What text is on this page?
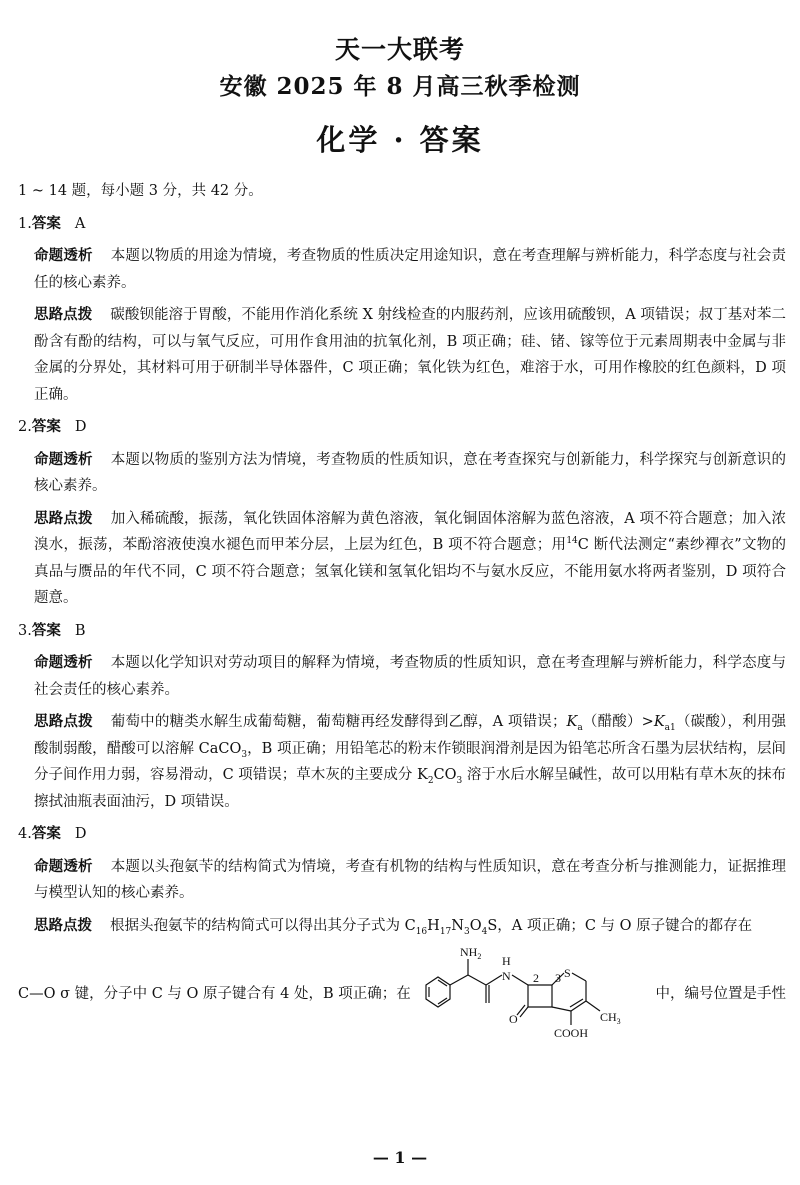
天一大联考
安徽 2025 年 8 月高三秋季检测
化学 · 答案
1 ~ 14 题，每小题 3 分，共 42 分。
1.答案 A
命题透析 本题以物质的用途为情境，考查物质的性质决定用途知识，意在考查理解与辨析能力，科学态度与社会责任的核心素养。
思路点拨 碳酸钡能溶于胃酸，不能用作消化系统 X 射线检查的内服药剂，应该用硫酸钡，A 项错误；叔丁基对苯二酚含有酚的结构，可以与氧气反应，可用作食用油的抗氧化剂，B 项正确；硅、锗、镓等位于元素周期表中金属与非金属的分界处，其材料可用于研制半导体器件，C 项正确；氧化铁为红色，难溶于水，可用作橡胶的红色颜料，D 项正确。
2.答案 D
命题透析 本题以物质的鉴别方法为情境，考查物质的性质知识，意在考查探究与创新能力，科学探究与创新意识的核心素养。
思路点拨 加入稀硫酸，振荡，氧化铁固体溶解为黄色溶液，氧化铜固体溶解为蓝色溶液，A 项不符合题意；加入浓溴水，振荡，苯酚溶液使溴水褪色而甲苯分层，上层为红色，B 项不符合题意；用$^{14}$C 断代法测定“素纱襌衣”文物的真品与赝品的年代不同，C 项不符合题意；氢氧化镁和氢氧化铝均不与氨水反应，不能用氨水将两者鉴别，D 项符合题意。
3.答案 B
命题透析 本题以化学知识对劳动项目的解释为情境，考查物质的性质知识，意在考查理解与辨析能力，科学态度与社会责任的核心素养。
思路点拨 葡萄中的糖类水解生成葡萄糖，葡萄糖再经发酵得到乙醇，A 项错误；$K_a$（醋酸）$>K_{a1}$（碳酸），利用强酸制弱酸，醋酸可以溶解 CaCO$_3$，B 项正确；用铅笔芯的粉末作锁眼润滑剂是因为铅笔芯所含石墨为层状结构，层间分子间作用力弱，容易滑动，C 项错误；草木灰的主要成分 $K_2CO_3$ 溶于水后水解呈碱性，故可以用粘有草木灰的抹布擦拭油瓶表面油污，D 项错误。
4.答案 D
命题透析 本题以头孢氨苄的结构简式为情境，考查有机物的结构与性质知识，意在考查分析与推测能力，证据推理与模型认知的核心素养。
思路点拨 根据头孢氨苄的结构简式可以得出其分子式为 $C_{16}H_{17}N_3O_4S$，A 项正确；C 与 O 原子键合的都存在
C—O σ 键，分子中 C 与 O 原子键合有 4 处，B 项正确；在
$NH_2$ H
N 2 3 S
O	$CH_3$
COOH
中，编号位置是手性
— 1 —
